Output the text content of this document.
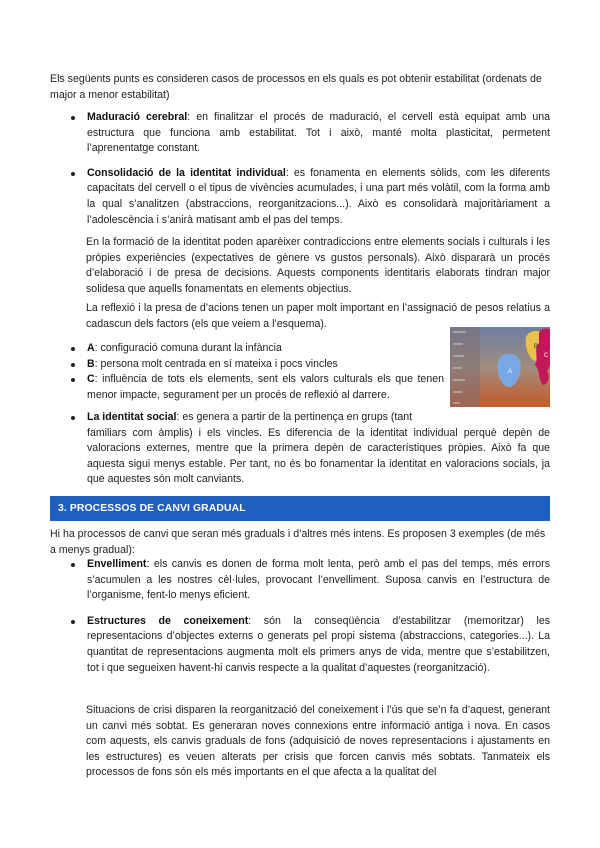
Els següents punts es consideren casos de processos en els quals es pot obtenir estabilitat (ordenats de major a menor estabilitat)

Maduració cerebral: en finalitzar el procés de maduració, el cervell està equipat amb una estructura que funciona amb estabilitat. Tot i això, manté molta plasticitat, permetent l’aprenentatge constant.
Consolidació de la identitat individual: es fonamenta en elements sòlids, com les diferents capacitats del cervell o el tipus de vivències acumulades, i una part més volàtil, com la forma amb la qual s’analitzen (abstraccions, reorganitzacions...). Això es consolidarà majoritàriament a l’adolescència i s’anirà matisant amb el pas del temps.

En la formació de la identitat poden aparèixer contradiccions entre elements socials i culturals i les pròpies experiències (expectatives de gènere vs gustos personals). Això dispararà un procés d’elaboració i de presa de decisions. Aquests components identitaris elaborats tindran major solidesa que aquells fonamentats en elements objectius.

La reflexió i la presa de d’acions tenen un paper molt important en l’assignació de pesos relatius a cadascun dels factors (els que veiem a l’esquema).

A: configuració comuna durant la infància
B: persona molt centrada en sí mateixa i pocs vincles
C: influència de tots els elements, sent els valors culturals els que tenen menor impacte, segurament per un procés de reflexió al darrere.
A
B
C
La identitat social: es genera a partir de la pertinença en grups (tant
familiars com àmplis) i els vincles. Es diferencia de la identitat individual perquè depèn de valoracions externes, mentre que la primera depèn de característiques pròpies. Això fa que aquesta sigui menys estable. Per tant, no és bo fonamentar la identitat en valoracions socials, ja que aquestes són molt canviants.
3. PROCESSOS DE CANVI GRADUAL

Hi ha processos de canvi que seran més graduals i d’altres més intens. Es proposen 3 exemples (de més a menys gradual):

Envelliment: els canvis es donen de forma molt lenta, però amb el pas del temps, més errors s’acumulen a les nostres cèl·lules, provocant l’envelliment. Suposa canvis en l’estructura de l’organisme, fent-lo menys eficient.
Estructures de coneixement: són la conseqüència d’estabilitzar (memoritzar) les representacions d’objectes externs o generats pel propi sistema (abstraccions, categories...). La quantitat de representacions augmenta molt els primers anys de vida, mentre que s’estabilitzen, tot i que segueixen havent-hi canvis respecte a la qualitat d’aquestes (reorganització).

Situacions de crisi disparen la reorganització del coneixement i l’ús que se’n fa d’aquest, generant un canvi més sobtat. Es generaran noves connexions entre informació antiga i nova. En casos com aquests, els canvis graduals de fons (adquisició de noves representacions i ajustaments en les estructures) es veuen alterats per crisis que forcen canvis més sobtats. Tanmateix els processos de fons són els més importants en el que afecta a la qualitat del
